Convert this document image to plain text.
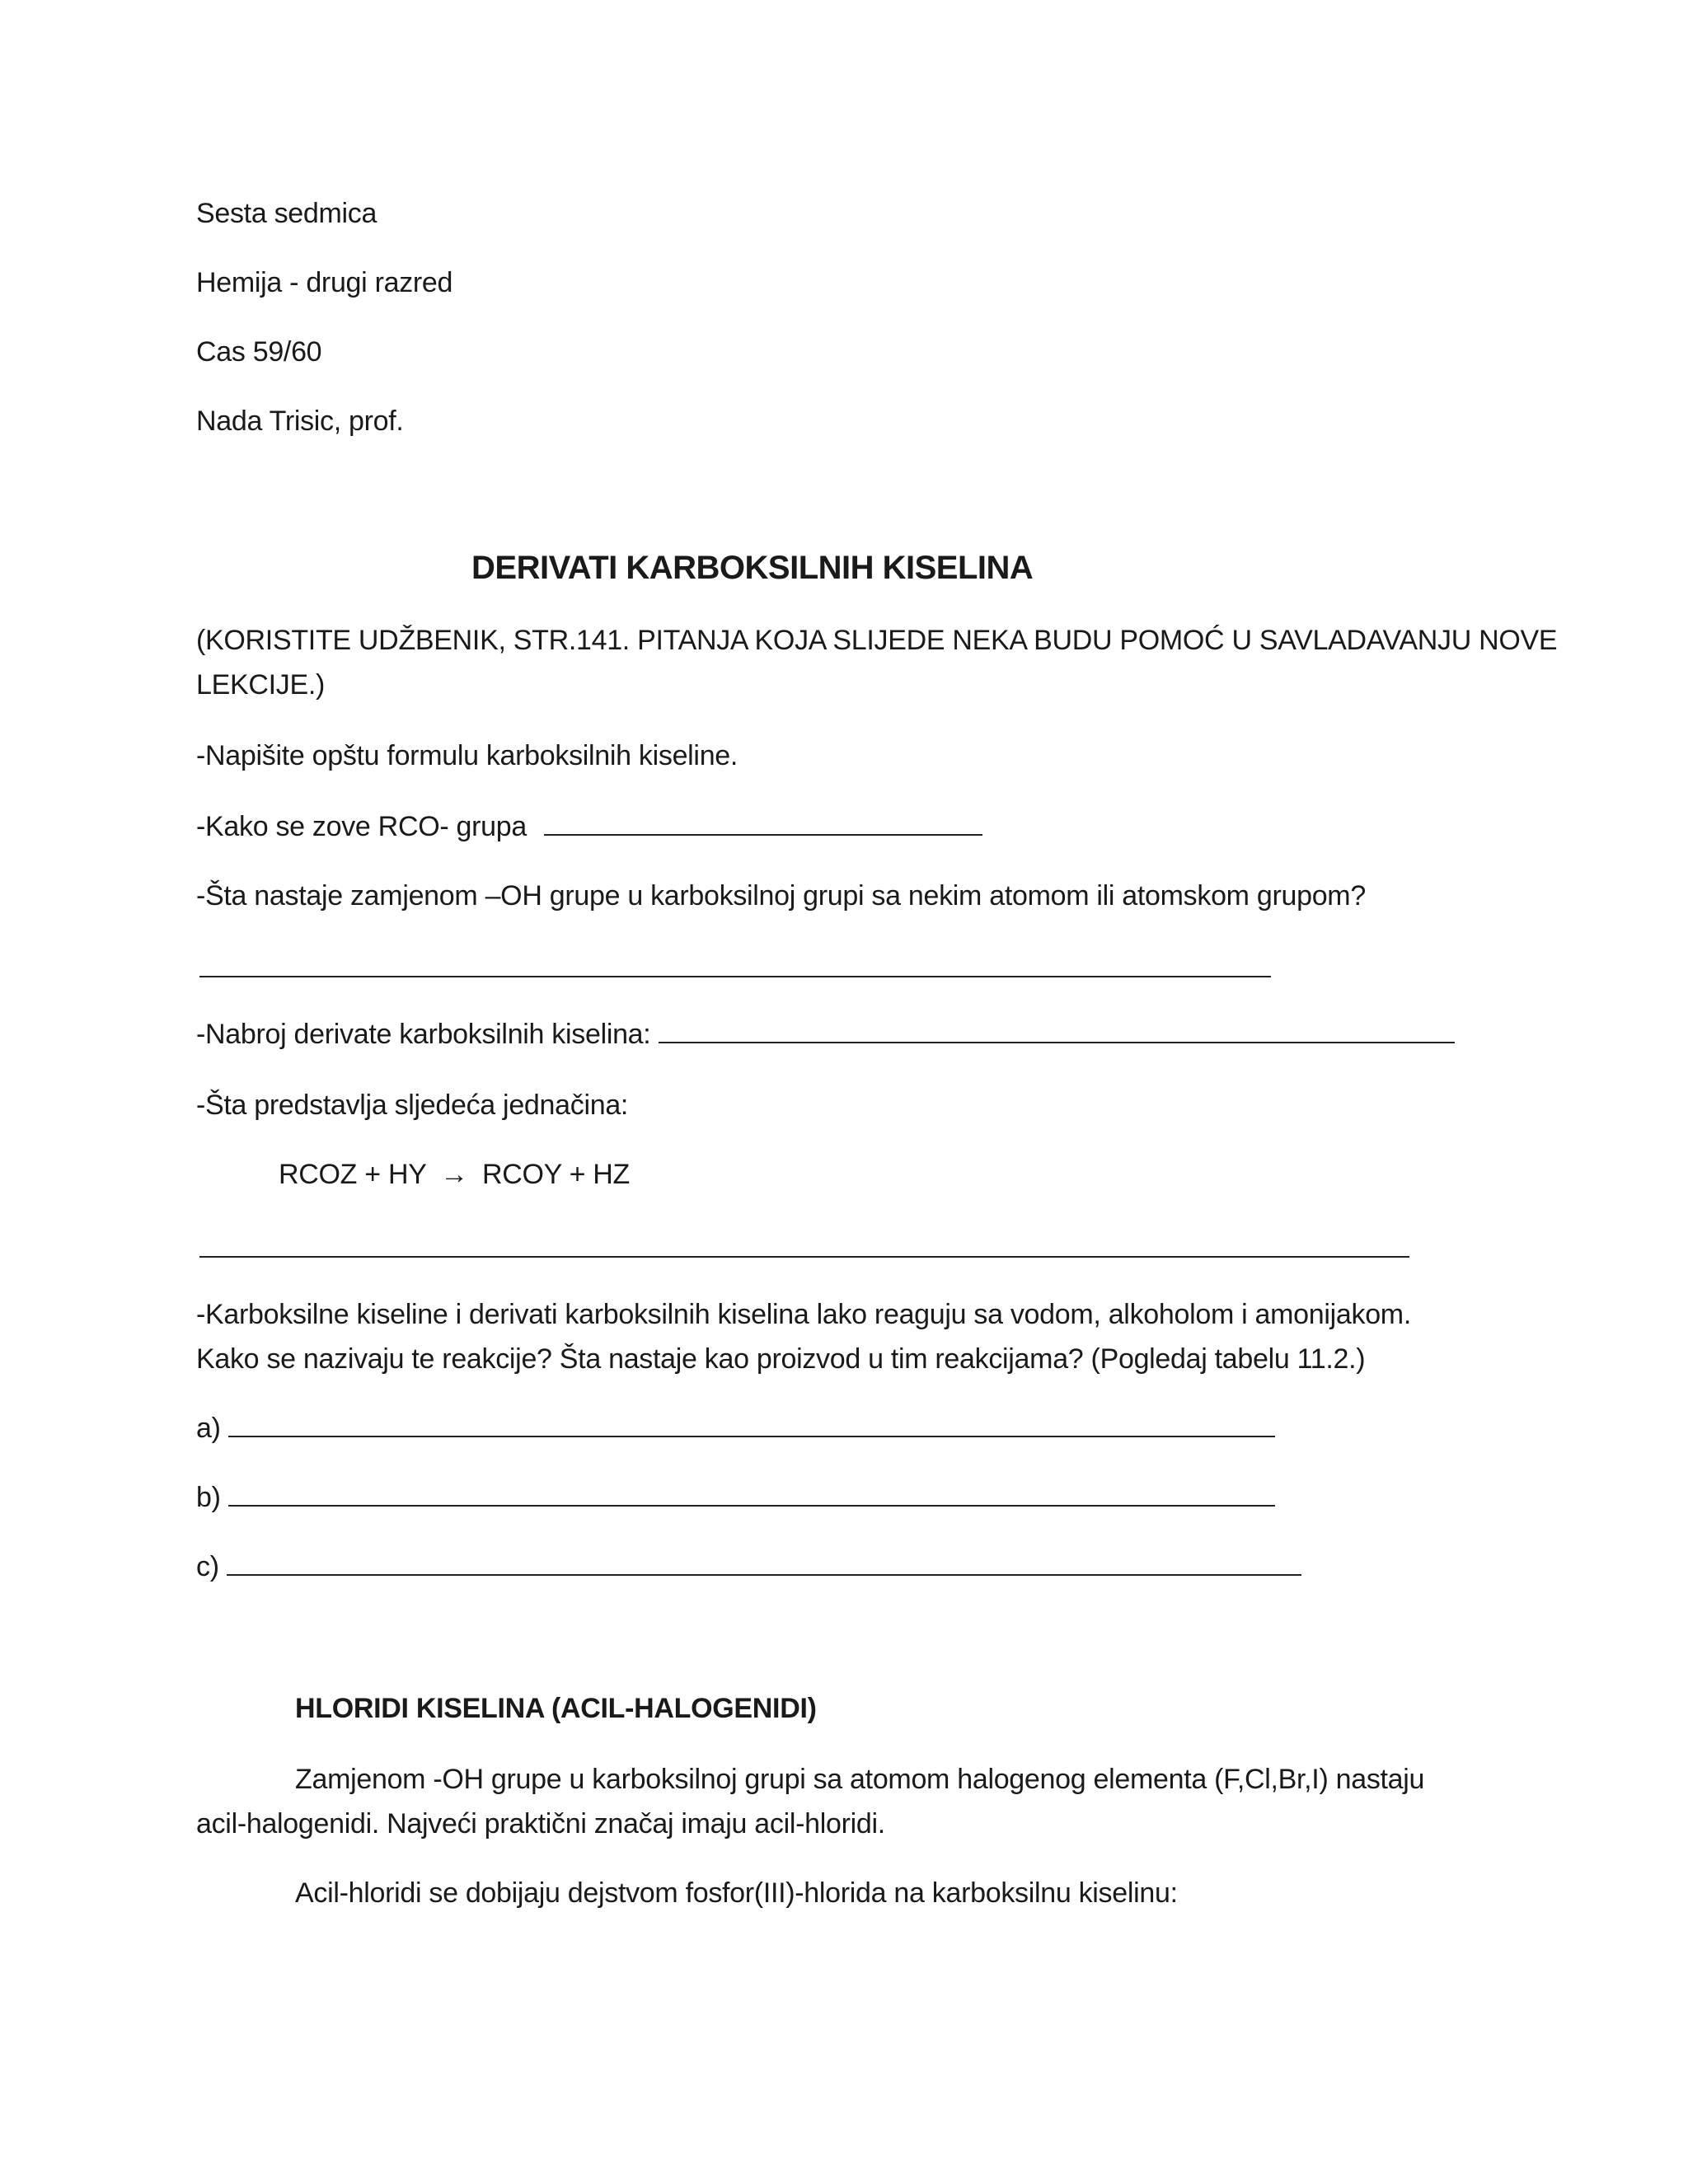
Sesta sedmica
Hemija - drugi razred
Cas 59/60
Nada Trisic, prof.
DERIVATI KARBOKSILNIH KISELINA
(KORISTITE UDŽBENIK, STR.141. PITANJA KOJA SLIJEDE NEKA BUDU POMOĆ U SAVLADAVANJU NOVE
LEKCIJE.)
-Napišite opštu formulu karboksilnih kiseline.
-Kako se zove RCO- grupa
-Šta nastaje zamjenom –OH grupe u karboksilnoj grupi sa nekim atomom ili atomskom grupom?
-Nabroj derivate karboksilnih kiselina:
-Šta predstavlja sljedeća jednačina:
RCOZ + HY → RCOY + HZ
-Karboksilne kiseline i derivati karboksilnih kiselina lako reaguju sa vodom, alkoholom i amonijakom.
Kako se nazivaju te reakcije? Šta nastaje kao proizvod u tim reakcijama? (Pogledaj tabelu 11.2.)
a)
b)
c)
HLORIDI KISELINA (ACIL-HALOGENIDI)
Zamjenom -OH grupe u karboksilnoj grupi sa atomom halogenog elementa (F,Cl,Br,I) nastaju
acil-halogenidi. Najveći praktični značaj imaju acil-hloridi.
Acil-hloridi se dobijaju dejstvom fosfor(III)-hlorida na karboksilnu kiselinu:
